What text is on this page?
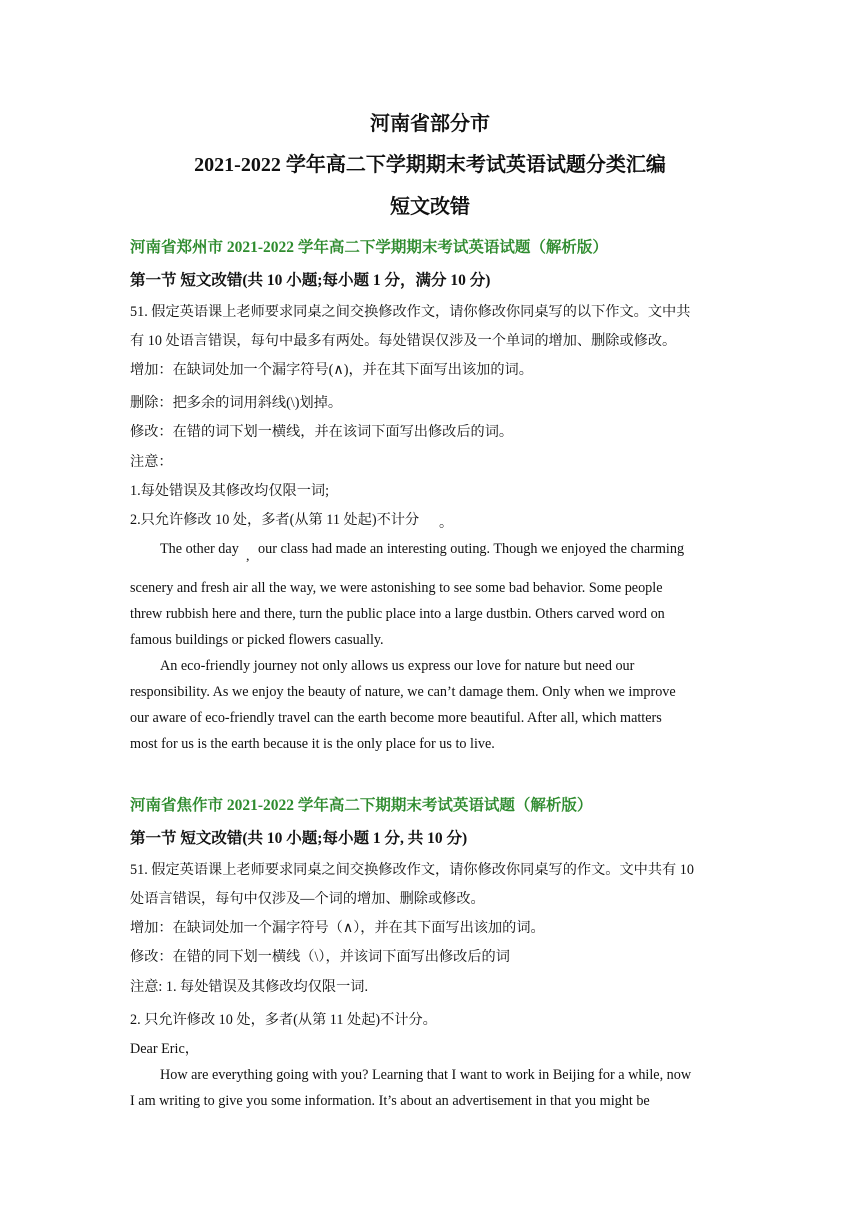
河南省部分市
2021-2022 学年高二下学期期末考试英语试题分类汇编
短文改错
河南省郑州市 2021-2022 学年高二下学期期末考试英语试题（解析版）
第一节 短文改错(共 10 小题;每小题 1 分，满分 10 分)
51. 假定英语课上老师要求同桌之间交换修改作文，请你修改你同桌写的以下作文。文中共
有 10 处语言错误，每句中最多有两处。每处错误仅涉及一个单词的增加、删除或修改。
增加：在缺词处加一个漏字符号(∧)，并在其下面写出该加的词。
删除：把多余的词用斜线(\)划掉。
修改：在错的词下划一横线，并在该词下面写出修改后的词。
注意：
1.每处错误及其修改均仅限一词;
2.只允许修改 10 处，多者(从第 11 处起)不计分 。
The other day , our class had made an interesting outing. Though we enjoyed the charming
scenery and fresh air all the way, we were astonishing to see some bad behavior. Some people
threw rubbish here and there, turn the public place into a large dustbin. Others carved word on
famous buildings or picked flowers casually.
An eco-friendly journey not only allows us express our love for nature but need our
responsibility. As we enjoy the beauty of nature, we can’t damage them. Only when we improve
our aware of eco-friendly travel can the earth become more beautiful. After all, which matters
most for us is the earth because it is the only place for us to live.
河南省焦作市 2021-2022 学年高二下期期末考试英语试题（解析版）
第一节 短文改错(共 10 小题;每小题 1 分, 共 10 分)
51. 假定英语课上老师要求同桌之间交换修改作文，请你修改你同桌写的作文。文中共有 10
处语言错误，每句中仅涉及—个词的增加、删除或修改。
增加：在缺词处加一个漏字符号（∧），并在其下面写出该加的词。
修改：在错的同下划一横线（\），并该词下面写出修改后的词
注意: 1. 每处错误及其修改均仅限一词.
2. 只允许修改 10 处，多者(从第 11 处起)不计分。
Dear Eric，
How are everything going with you? Learning that I want to work in Beijing for a while, now
I am writing to give you some information. It’s about an advertisement in that you might be
